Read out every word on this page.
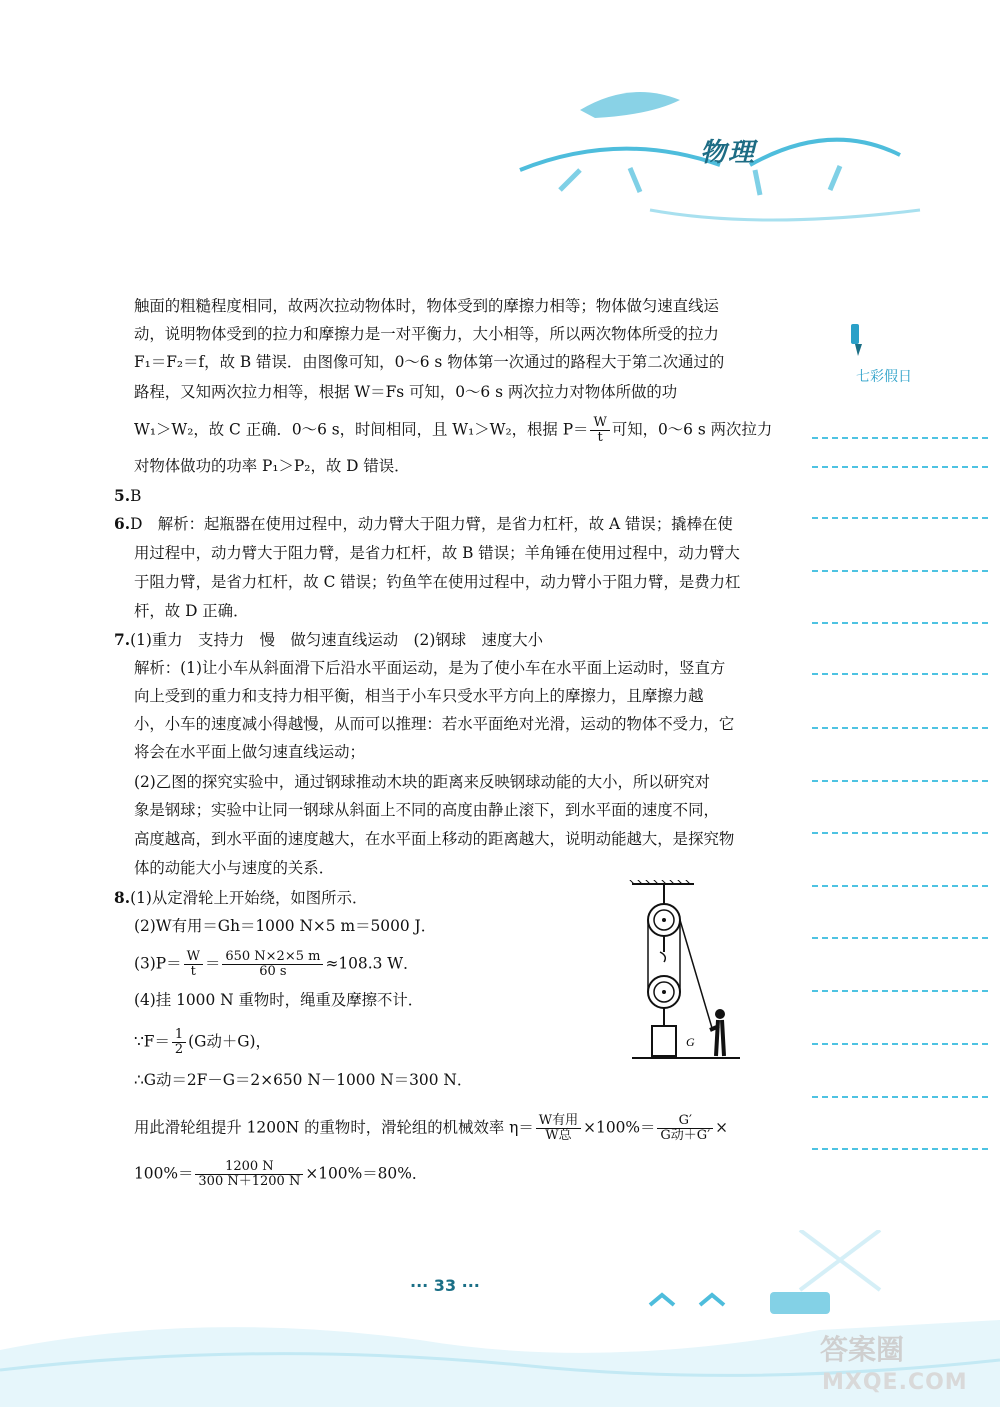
物理
七彩假日
触面的粗糙程度相同，故两次拉动物体时，物体受到的摩擦力相等；物体做匀速直线运
动，说明物体受到的拉力和摩擦力是一对平衡力，大小相等，所以两次物体所受的拉力
F₁＝F₂＝f，故 B 错误．由图像可知，0～6 s 物体第一次通过的路程大于第二次通过的
路程，又知两次拉力相等，根据 W＝Fs 可知，0～6 s 两次拉力对物体所做的功
W₁＞W₂，故 C 正确．0～6 s，时间相同，且 W₁＞W₂，根据 $P= \frac{W}{t}$ 可知，0～6 s 两次拉力
对物体做功的功率 P₁＞P₂，故 D 错误．
5.B
6.D　解析：起瓶器在使用过程中，动力臂大于阻力臂，是省力杠杆，故 A 错误；撬棒在使
用过程中，动力臂大于阻力臂，是省力杠杆，故 B 错误；羊角锤在使用过程中，动力臂大
于阻力臂，是省力杠杆，故 C 错误；钓鱼竿在使用过程中，动力臂小于阻力臂，是费力杠
杆，故 D 正确．
7.(1)重力　支持力　慢　做匀速直线运动　(2)钢球　速度大小
解析：(1)让小车从斜面滑下后沿水平面运动，是为了使小车在水平面上运动时，竖直方
向上受到的重力和支持力相平衡，相当于小车只受水平方向上的摩擦力，且摩擦力越
小，小车的速度减小得越慢，从而可以推理：若水平面绝对光滑，运动的物体不受力，它
将会在水平面上做匀速直线运动；
(2)乙图的探究实验中，通过钢球推动木块的距离来反映钢球动能的大小，所以研究对
象是钢球；实验中让同一钢球从斜面上不同的高度由静止滚下，到水平面的速度不同，
高度越高，到水平面的速度越大，在水平面上移动的距离越大，说明动能越大，是探究物
体的动能大小与速度的关系．
8.(1)从定滑轮上开始绕，如图所示．
(2)W有用＝Gh＝1000 N×5 m＝5000 J．
$(3)P= \frac{W}{t} = \frac{650 N\times 2\times 5 m}{60 s} \approx 108.3$ W．
(4)挂 1000 N 重物时，绳重及摩擦不计．
∵F＝ $\frac{1}{2} (G$动＋G)，
∴G动＝2F－G＝2×650 N－1000 N＝300 N．
用此滑轮组提升 1200N 的重物时，滑轮组的机械效率 $\eta= \frac{\text{W有用}}{\text{W总}} \times 100\%= \frac{G'}{\text{G动＋G′}}$ ×
$100\%= \frac{1200 N}{300 N+1200 N} \times 100\%=80\%$．
G
··· 33 ···
答案圈
MXQE.COM
